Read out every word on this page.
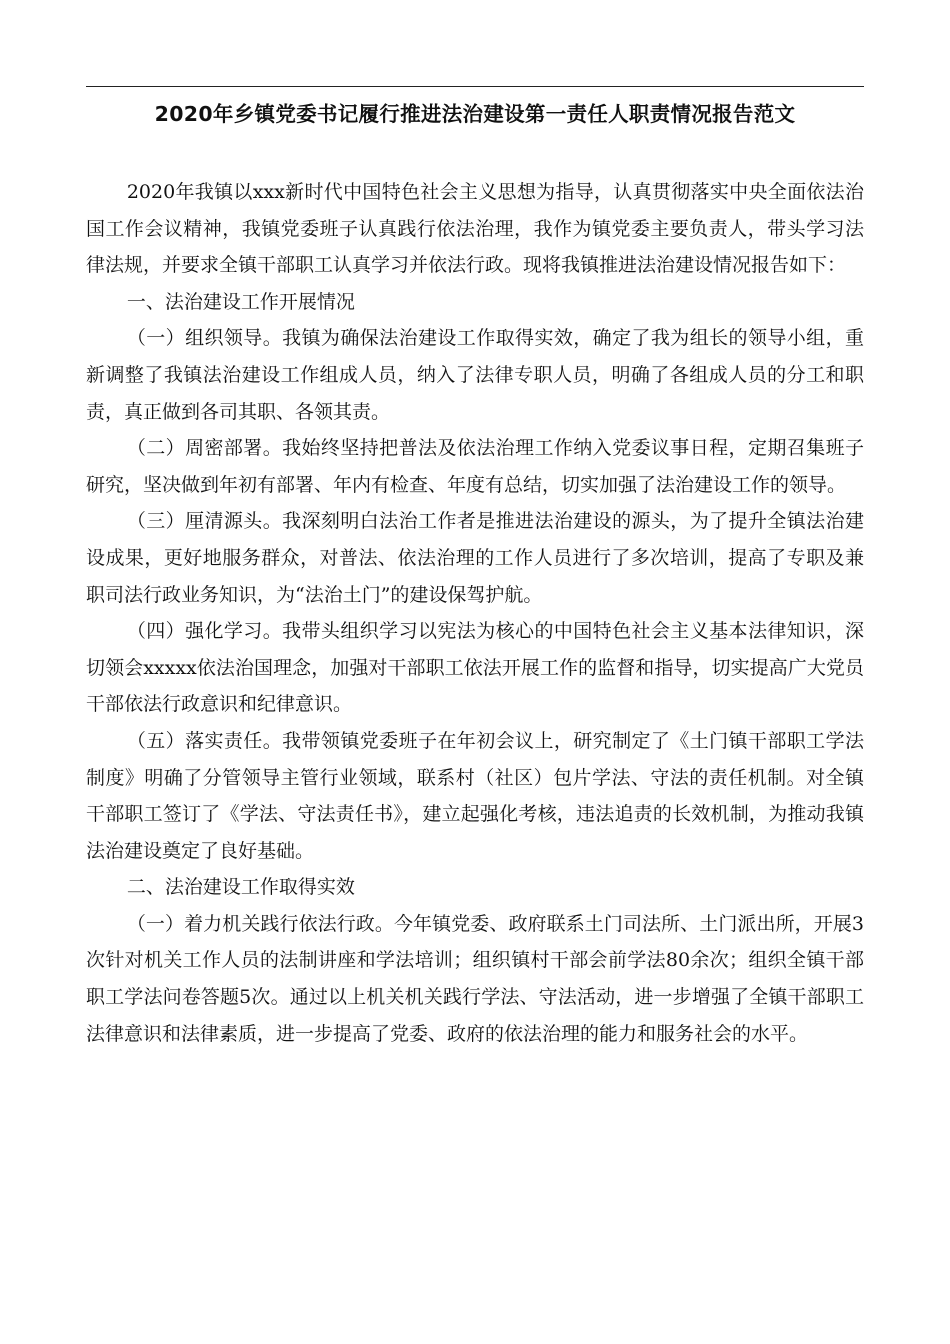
2020年乡镇党委书记履行推进法治建设第一责任人职责情况报告范文

2020年我镇以xxx新时代中国特色社会主义思想为指导，认真贯彻落实中央全面依法治国工作会议精神，我镇党委班子认真践行依法治理，我作为镇党委主要负责人，带头学习法律法规，并要求全镇干部职工认真学习并依法行政。现将我镇推进法治建设情况报告如下：

一、法治建设工作开展情况

（一）组织领导。我镇为确保法治建设工作取得实效，确定了我为组长的领导小组，重新调整了我镇法治建设工作组成人员，纳入了法律专职人员，明确了各组成人员的分工和职责，真正做到各司其职、各领其责。

（二）周密部署。我始终坚持把普法及依法治理工作纳入党委议事日程，定期召集班子研究，坚决做到年初有部署、年内有检查、年度有总结，切实加强了法治建设工作的领导。

（三）厘清源头。我深刻明白法治工作者是推进法治建设的源头，为了提升全镇法治建设成果，更好地服务群众，对普法、依法治理的工作人员进行了多次培训，提高了专职及兼职司法行政业务知识，为“法治土门”的建设保驾护航。

（四）强化学习。我带头组织学习以宪法为核心的中国特色社会主义基本法律知识，深切领会xxxxx依法治国理念，加强对干部职工依法开展工作的监督和指导，切实提高广大党员干部依法行政意识和纪律意识。

（五）落实责任。我带领镇党委班子在年初会议上，研究制定了《土门镇干部职工学法制度》明确了分管领导主管行业领域，联系村（社区）包片学法、守法的责任机制。对全镇干部职工签订了《学法、守法责任书》，建立起强化考核，违法追责的长效机制，为推动我镇法治建设奠定了良好基础。

二、法治建设工作取得实效

（一）着力机关践行依法行政。今年镇党委、政府联系土门司法所、土门派出所，开展3次针对机关工作人员的法制讲座和学法培训；组织镇村干部会前学法80余次；组织全镇干部职工学法问卷答题5次。通过以上机关机关践行学法、守法活动，进一步增强了全镇干部职工法律意识和法律素质，进一步提高了党委、政府的依法治理的能力和服务社会的水平。
